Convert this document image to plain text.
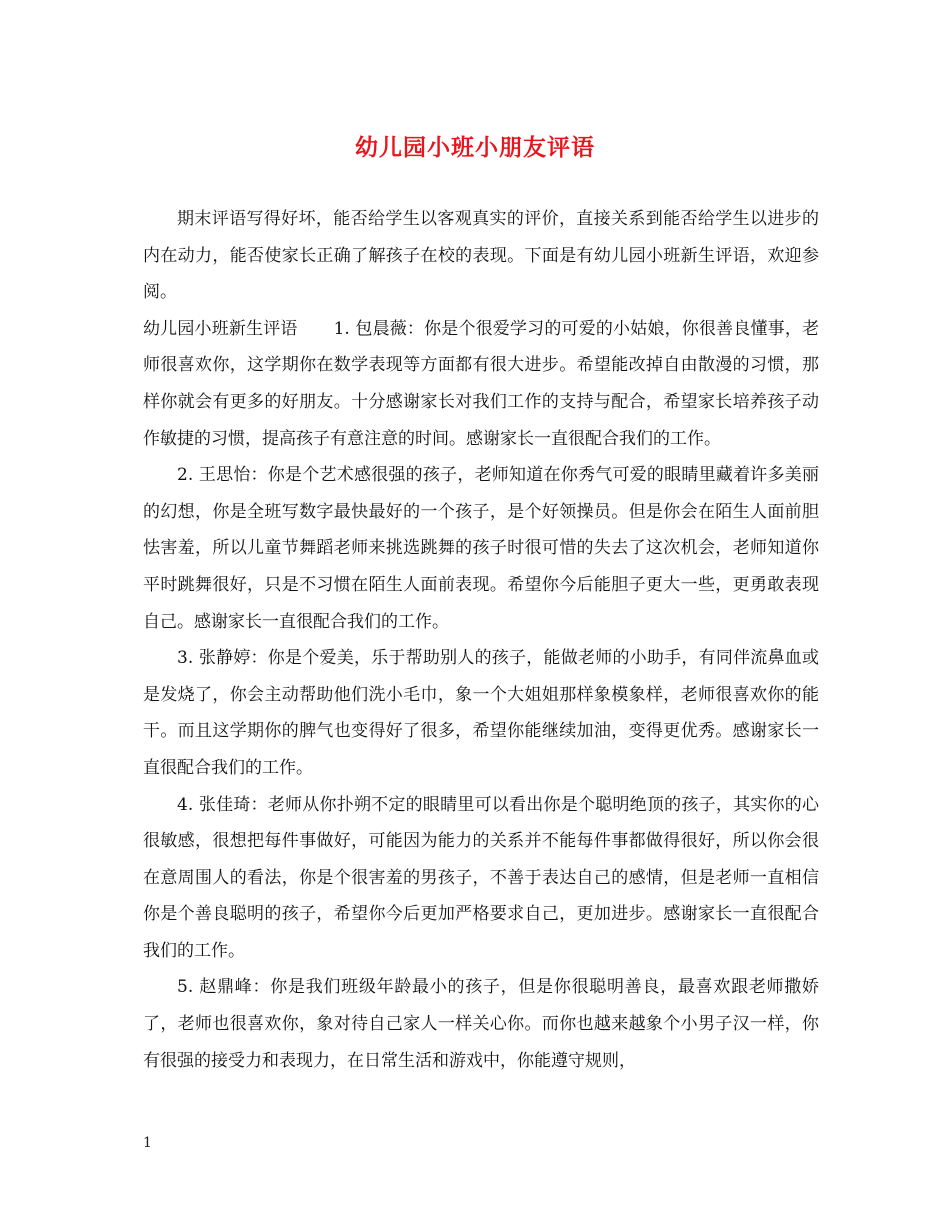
幼儿园小班小朋友评语

期末评语写得好坏，能否给学生以客观真实的评价，直接关系到能否给学生以进步的内在动力，能否使家长正确了解孩子在校的表现。下面是有幼儿园小班新生评语，欢迎参阅。

幼儿园小班新生评语 1. 包晨薇：你是个很爱学习的可爱的小姑娘，你很善良懂事，老师很喜欢你，这学期你在数学表现等方面都有很大进步。希望能改掉自由散漫的习惯，那样你就会有更多的好朋友。十分感谢家长对我们工作的支持与配合，希望家长培养孩子动作敏捷的习惯，提高孩子有意注意的时间。感谢家长一直很配合我们的工作。

2. 王思怡：你是个艺术感很强的孩子，老师知道在你秀气可爱的眼睛里藏着许多美丽的幻想，你是全班写数字最快最好的一个孩子，是个好领操员。但是你会在陌生人面前胆怯害羞，所以儿童节舞蹈老师来挑选跳舞的孩子时很可惜的失去了这次机会，老师知道你平时跳舞很好，只是不习惯在陌生人面前表现。希望你今后能胆子更大一些，更勇敢表现自己。感谢家长一直很配合我们的工作。

3. 张静婷：你是个爱美，乐于帮助别人的孩子，能做老师的小助手，有同伴流鼻血或是发烧了，你会主动帮助他们洗小毛巾，象一个大姐姐那样象模象样，老师很喜欢你的能干。而且这学期你的脾气也变得好了很多，希望你能继续加油，变得更优秀。感谢家长一直很配合我们的工作。

4. 张佳琦：老师从你扑朔不定的眼睛里可以看出你是个聪明绝顶的孩子，其实你的心很敏感，很想把每件事做好，可能因为能力的关系并不能每件事都做得很好，所以你会很在意周围人的看法，你是个很害羞的男孩子，不善于表达自己的感情，但是老师一直相信你是个善良聪明的孩子，希望你今后更加严格要求自己，更加进步。感谢家长一直很配合我们的工作。

5. 赵鼎峰：你是我们班级年龄最小的孩子，但是你很聪明善良，最喜欢跟老师撒娇了，老师也很喜欢你，象对待自己家人一样关心你。而你也越来越象个小男子汉一样，你有很强的接受力和表现力，在日常生活和游戏中，你能遵守规则，

1
